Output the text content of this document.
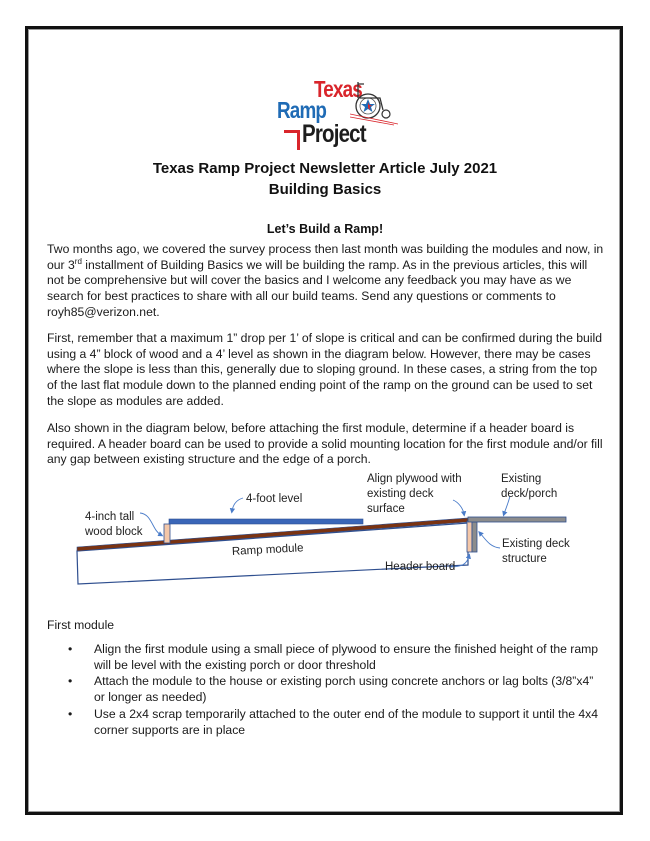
Texas
Ramp
Project
Texas Ramp Project Newsletter Article July 2021
Building Basics
Let’s Build a Ramp!

Two months ago, we covered the survey process then last month was building the modules and now, in our 3rd installment of Building Basics we will be building the ramp. As in the previous articles, this will not be comprehensive but will cover the basics and I welcome any feedback you may have as we search for best practices to share with all our build teams. Send any questions or comments to royh85@verizon.net.

First, remember that a maximum 1” drop per 1’ of slope is critical and can be confirmed during the build using a 4” block of wood and a 4’ level as shown in the diagram below. However, there may be cases where the slope is less than this, generally due to sloping ground. In these cases, a string from the top of the last flat module down to the planned ending point of the ramp on the ground can be used to set the slope as modules are added.

Also shown in the diagram below, before attaching the first module, determine if a header board is required. A header board can be used to provide a solid mounting location for the first module and/or fill any gap between existing structure and the edge of a porch.

4-inch tall
wood block
4-foot level
Align plywood with
existing deck
surface
Existing
deck/porch
Ramp module	Existing deck
structure
Header board
First module
• Align the first module using a small piece of plywood to ensure the finished height of the ramp will be level with the existing porch or door threshold
• Attach the module to the house or existing porch using concrete anchors or lag bolts (3/8”x4” or longer as needed)
• Use a 2x4 scrap temporarily attached to the outer end of the module to support it until the 4x4 corner supports are in place
